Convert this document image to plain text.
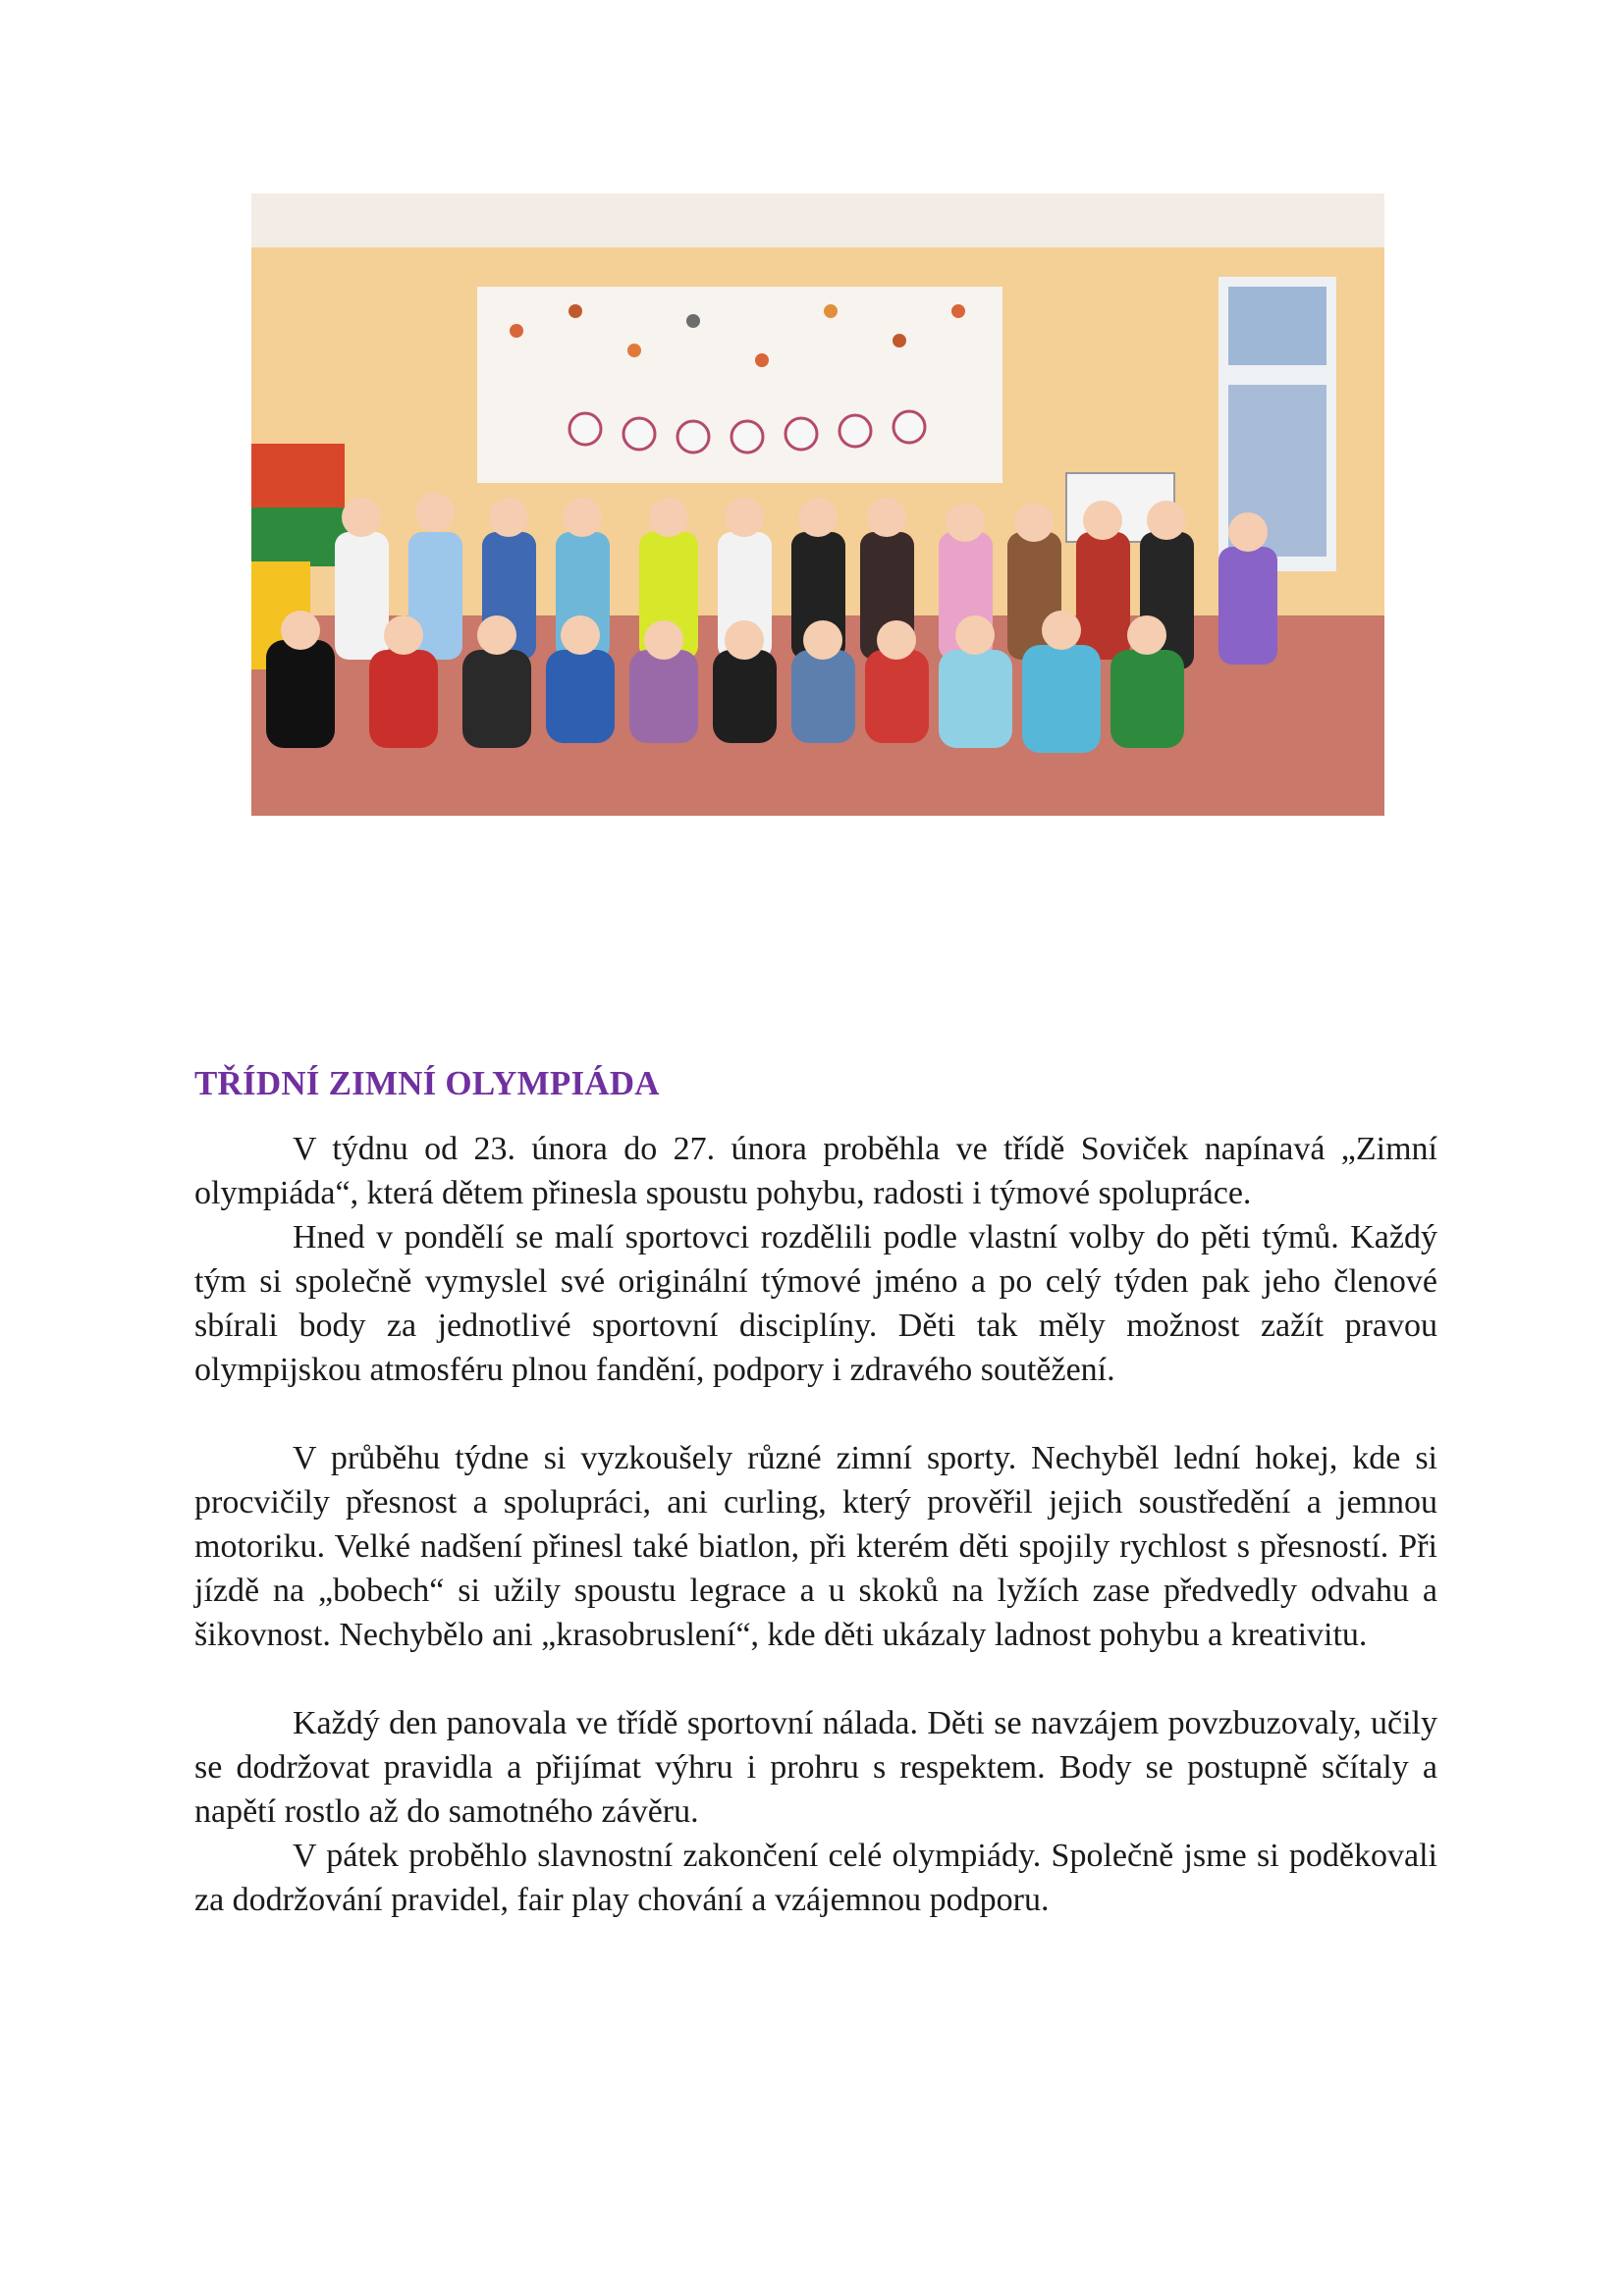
TŘÍDNÍ ZIMNÍ OLYMPIÁDA

V týdnu od 23. února do 27. února proběhla ve třídě Soviček napínavá „Zimní olympiáda“, která dětem přinesla spoustu pohybu, radosti i týmové spolupráce.

Hned v pondělí se malí sportovci rozdělili podle vlastní volby do pěti týmů. Každý tým si společně vymyslel své originální týmové jméno a po celý týden pak jeho členové sbírali body za jednotlivé sportovní disciplíny. Děti tak měly možnost zažít pravou olympijskou atmosféru plnou fandění, podpory i zdravého soutěžení.

V průběhu týdne si vyzkoušely různé zimní sporty. Nechyběl lední hokej, kde si procvičily přesnost a spolupráci, ani curling, který prověřil jejich soustředění a jemnou motoriku. Velké nadšení přinesl také biatlon, při kterém děti spojily rychlost s přesností. Při jízdě na „bobech“ si užily spoustu legrace a u skoků na lyžích zase předvedly odvahu a šikovnost. Nechybělo ani „krasobruslení“, kde děti ukázaly ladnost pohybu a kreativitu.

Každý den panovala ve třídě sportovní nálada. Děti se navzájem povzbuzovaly, učily se dodržovat pravidla a přijímat výhru i prohru s respektem. Body se postupně sčítaly a napětí rostlo až do samotného závěru.

V pátek proběhlo slavnostní zakončení celé olympiády. Společně jsme si poděkovali za dodržování pravidel, fair play chování a vzájemnou podporu.
